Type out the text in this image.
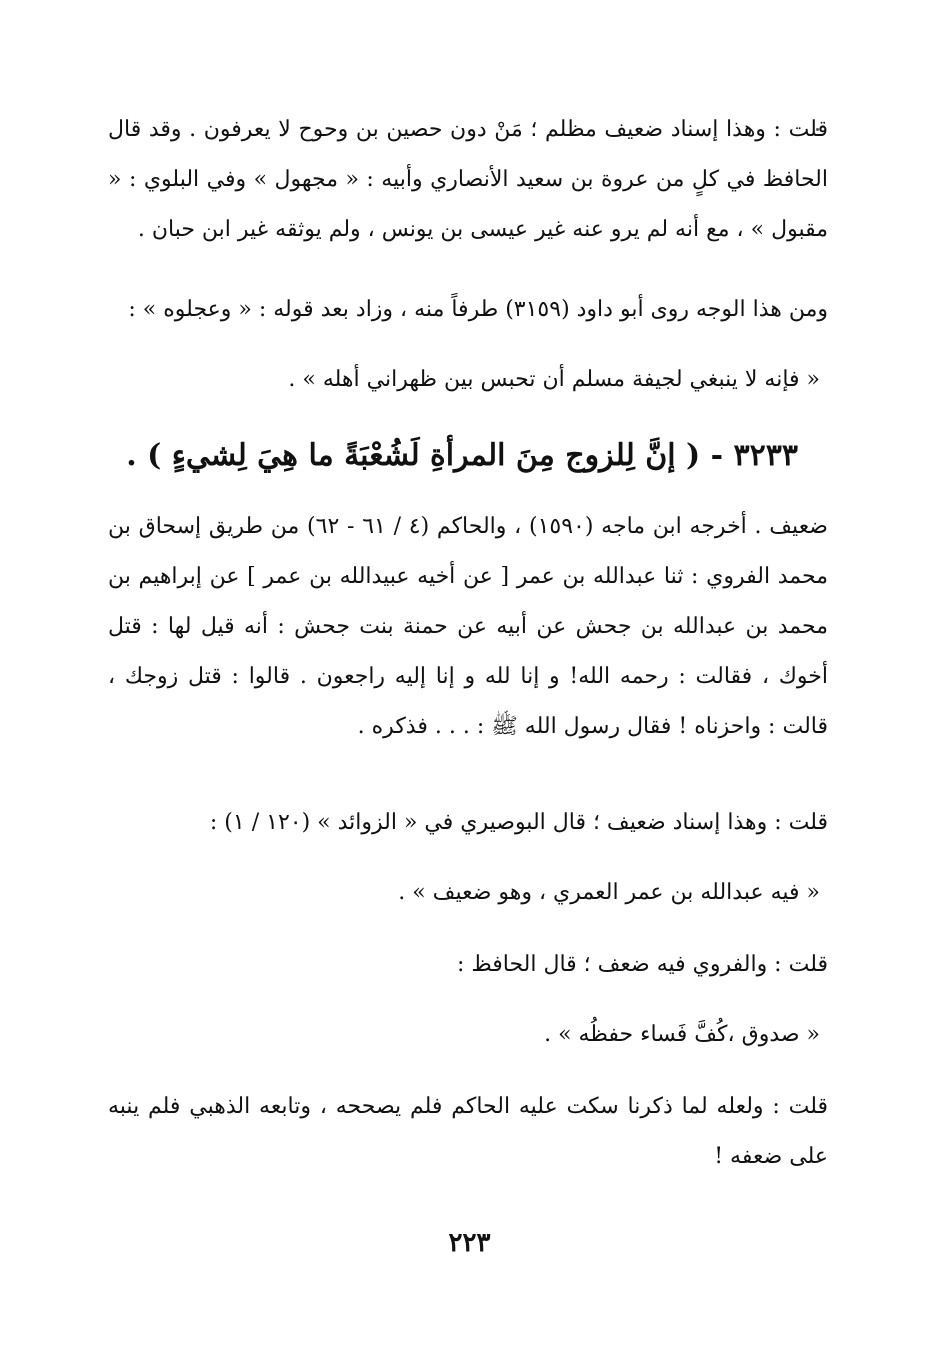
قلت : وهذا إسناد ضعيف مظلم ؛ مَنْ دون حصين بن وحوح لا يعرفون . وقد قال الحافظ في كلٍ من عروة بن سعيد الأنصاري وأبيه : « مجهول » وفي البلوي : « مقبول » ، مع أنه لم يرو عنه غير عيسى بن يونس ، ولم يوثقه غير ابن حبان .

ومن هذا الوجه روى أبو داود (٣١٥٩) طرفاً منه ، وزاد بعد قوله : « وعجلوه » :

« فإنه لا ينبغي لجيفة مسلم أن تحبس بين ظهراني أهله » .

٣٢٣٣ - ( إنَّ لِلزوج مِنَ المرأةِ لَشُعْبَةً ما هِيَ لِشيءٍ ) .

ضعيف . أخرجه ابن ماجه (١٥٩٠) ، والحاكم (٤ / ٦١ - ٦٢) من طريق إسحاق بن محمد الفروي : ثنا عبدالله بن عمر [ عن أخيه عبيدالله بن عمر ] عن إبراهيم بن محمد بن عبدالله بن جحش عن أبيه عن حمنة بنت جحش : أنه قيل لها : قتل أخوك ، فقالت : رحمه الله! و إنا لله و إنا إليه راجعون . قالوا : قتل زوجك ، قالت : واحزناه ! فقال رسول الله ﷺ : . . . فذكره .

قلت : وهذا إسناد ضعيف ؛ قال البوصيري في « الزوائد » (١٢٠ / ١) :

« فيه عبدالله بن عمر العمري ، وهو ضعيف » .

قلت : والفروي فيه ضعف ؛ قال الحافظ :

« صدوق ،كُفَّ فَساء حفظُه » .

قلت : ولعله لما ذكرنا سكت عليه الحاكم فلم يصححه ، وتابعه الذهبي فلم ينبه على ضعفه !

٢٢٣
